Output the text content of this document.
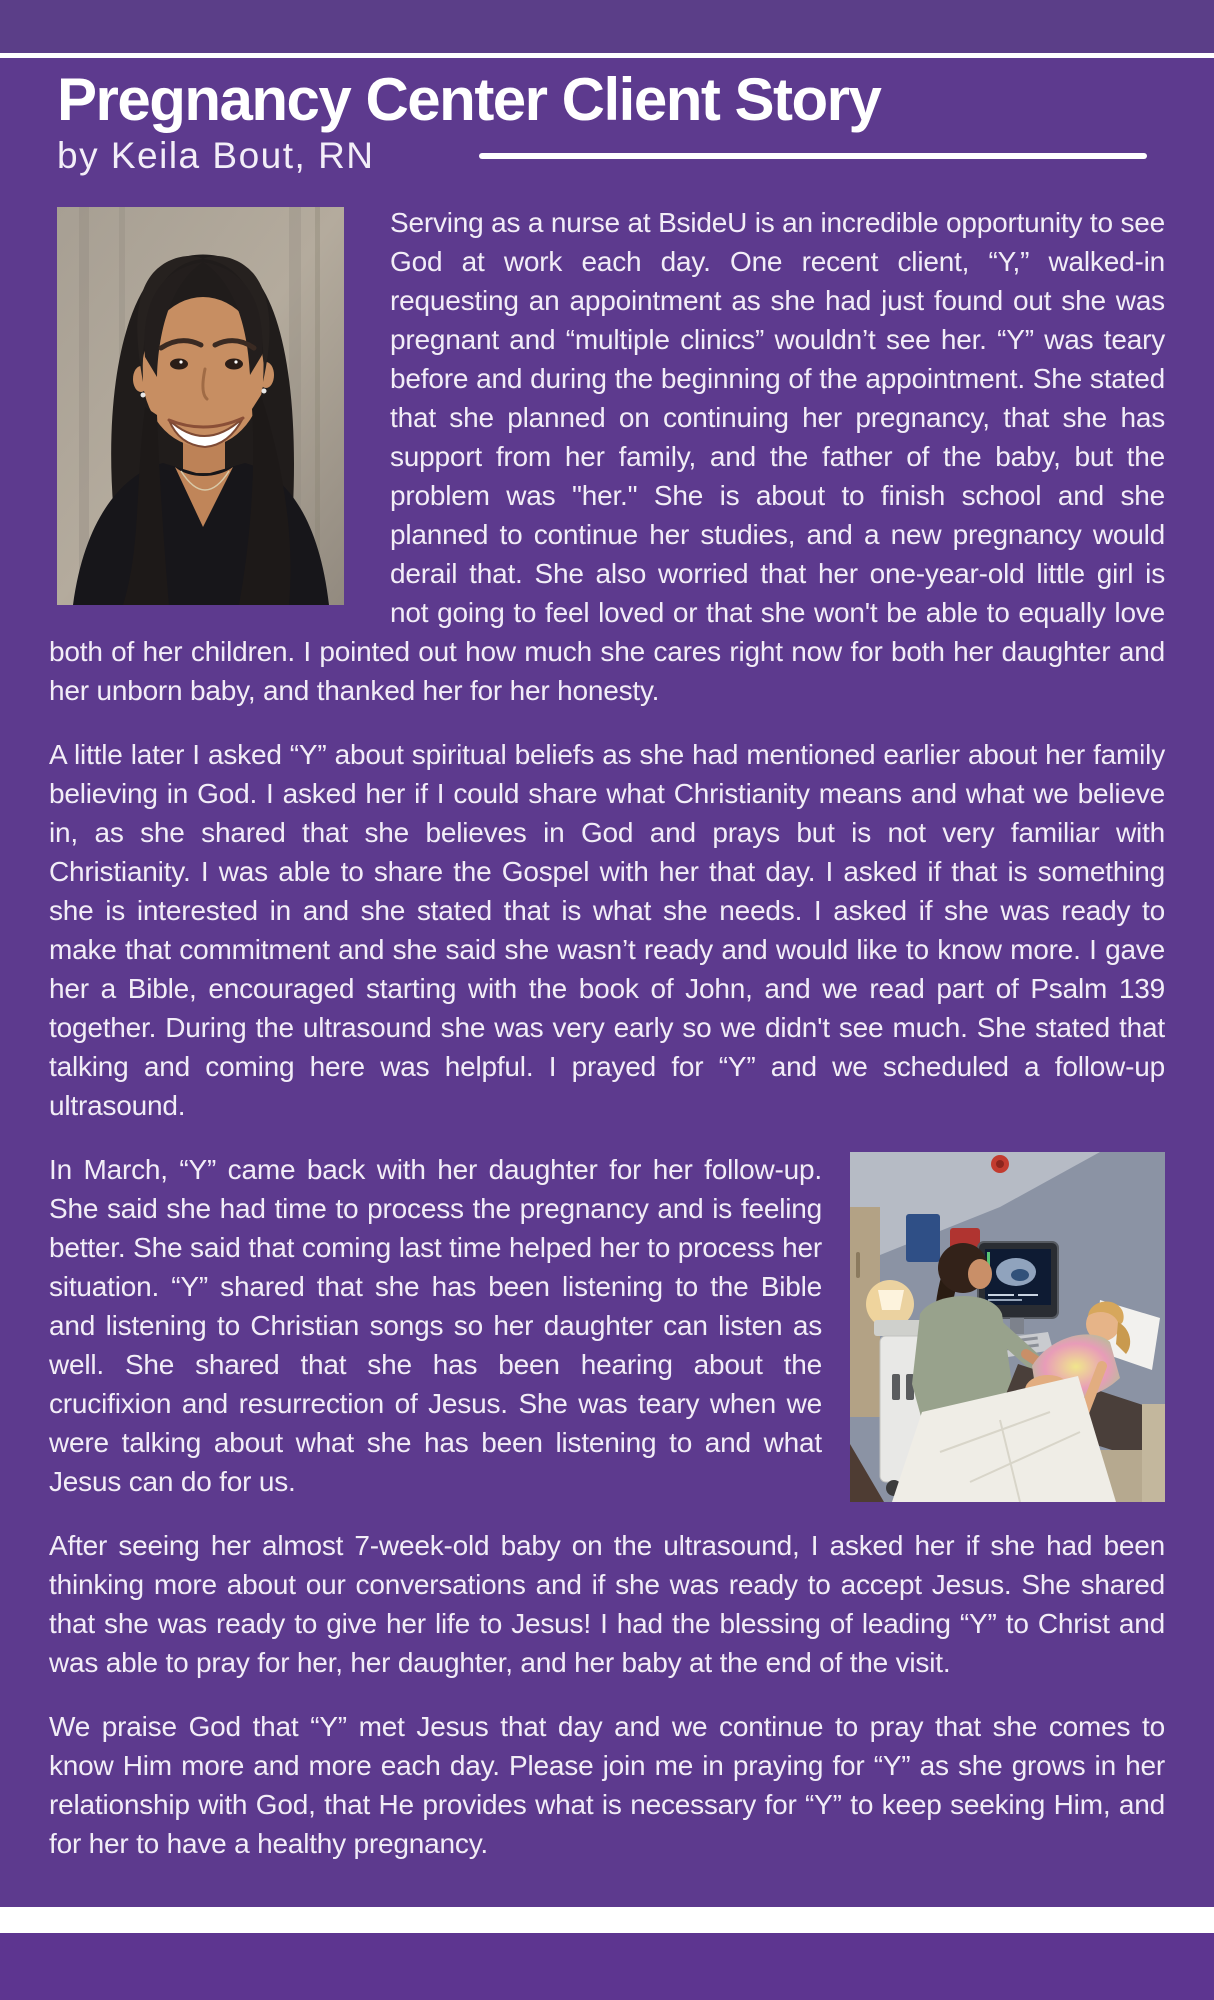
Pregnancy Center Client Story
by Keila Bout, RN

Serving as a nurse at BsideU is an incredible opportunity to see God at work each day. One recent client, “Y,” walked-in requesting an appointment as she had just found out she was pregnant and “multiple clinics” wouldn’t see her. “Y” was teary before and during the beginning of the appointment. She stated that she planned on continuing her pregnancy, that she has support from her family, and the father of the baby, but the problem was "her." She is about to finish school and she planned to continue her studies, and a new pregnancy would derail that. She also worried that her one-year-old little girl is not going to feel loved or that she won't be able to equally love both of her children. I pointed out how much she cares right now for both her daughter and her unborn baby, and thanked her for her honesty.

A little later I asked “Y” about spiritual beliefs as she had mentioned earlier about her family believing in God. I asked her if I could share what Christianity means and what we believe in, as she shared that she believes in God and prays but is not very familiar with Christianity. I was able to share the Gospel with her that day. I asked if that is something she is interested in and she stated that is what she needs. I asked if she was ready to make that commitment and she said she wasn’t ready and would like to know more. I gave her a Bible, encouraged starting with the book of John, and we read part of Psalm 139 together. During the ultrasound she was very early so we didn't see much. She stated that talking and coming here was helpful. I prayed for “Y” and we scheduled a follow-up ultrasound.

In March, “Y” came back with her daughter for her follow-up. She said she had time to process the pregnancy and is feeling better. She said that coming last time helped her to process her situation. “Y” shared that she has been listening to the Bible and listening to Christian songs so her daughter can listen as well. She shared that she has been hearing about the crucifixion and resurrection of Jesus. She was teary when we were talking about what she has been listening to and what Jesus can do for us.

After seeing her almost 7-week-old baby on the ultrasound, I asked her if she had been thinking more about our conversations and if she was ready to accept Jesus. She shared that she was ready to give her life to Jesus! I had the blessing of leading “Y” to Christ and was able to pray for her, her daughter, and her baby at the end of the visit.

We praise God that “Y” met Jesus that day and we continue to pray that she comes to know Him more and more each day. Please join me in praying for “Y” as she grows in her relationship with God, that He provides what is necessary for “Y” to keep seeking Him, and for her to have a healthy pregnancy.
